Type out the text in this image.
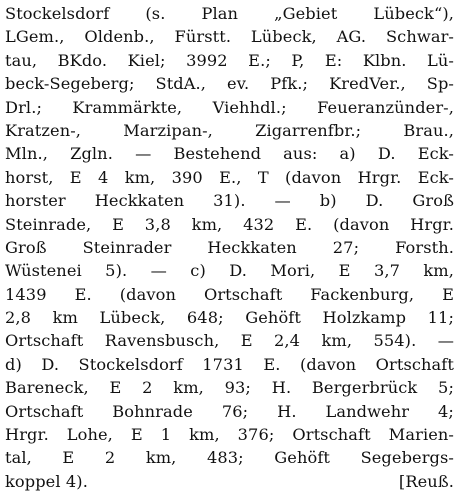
Stockelsdorf (s. Plan „Gebiet Lübeck“),
LGem., Oldenb., Fürstt. Lübeck, AG. Schwar-
tau, BKdo. Kiel; 3992 E.; P, E: Klbn. Lü-
beck-Segeberg; StdA., ev. Pfk.; KredVer., Sp-
Drl.; Krammärkte, Viehhdl.; Feueranzünder-,
Kratzen-, Marzipan-, Zigarrenfbr.; Brau.,
Mln., Zgln. — Bestehend aus: a) D. Eck-
horst, E 4 km, 390 E., T (davon Hrgr. Eck-
horster Heckkaten 31). — b) D. Groß
Steinrade, E 3,8 km, 432 E. (davon Hrgr.
Groß Steinrader Heckkaten 27; Forsth.
Wüstenei 5). — c) D. Mori, E 3,7 km,
1439 E. (davon Ortschaft Fackenburg, E
2,8 km Lübeck, 648; Gehöft Holzkamp 11;
Ortschaft Ravensbusch, E 2,4 km, 554). —
d) D. Stockelsdorf 1731 E. (davon Ortschaft
Bareneck, E 2 km, 93; H. Bergerbrück 5;
Ortschaft Bohnrade 76; H. Landwehr 4;
Hrgr. Lohe, E 1 km, 376; Ortschaft Marien-
tal, E 2 km, 483; Gehöft Segebergs-
koppel 4).	[Reuß.
